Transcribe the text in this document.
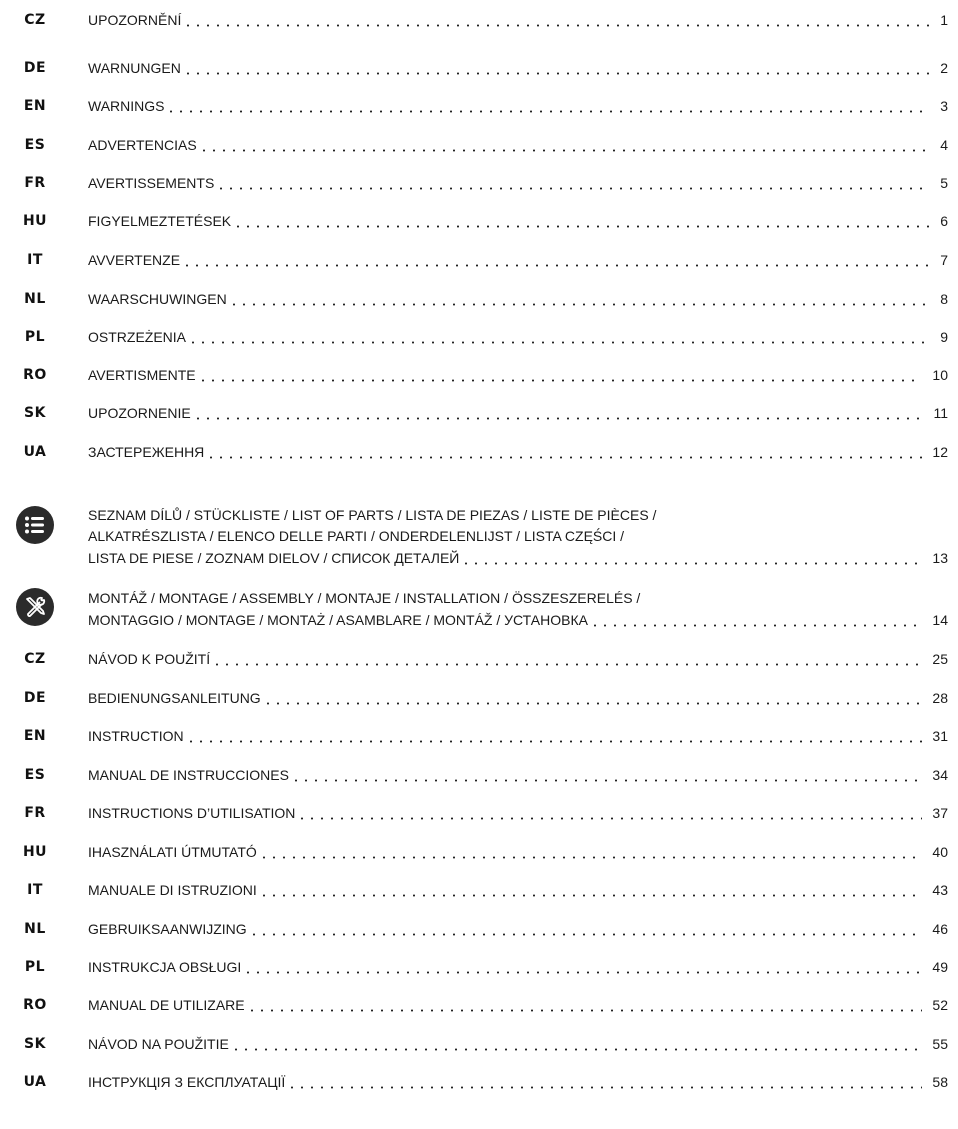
CZ	UPOZORNĚNÍ	1
DE	WARNUNGEN	2
EN	WARNINGS	3
ES	ADVERTENCIAS	4
FR	AVERTISSEMENTS	5
HU	FIGYELMEZTETÉSEK	6
IT	AVVERTENZE	7
NL	WAARSCHUWINGEN	8
PL	OSTRZEŻENIA	9
RO	AVERTISMENTE	10
SK	UPOZORNENIE	11
UA	ЗАСТЕРЕЖЕННЯ	12
SEZNAM DÍLŮ / STÜCKLISTE / LIST OF PARTS / LISTA DE PIEZAS / LISTE DE PIÈCES /
ALKATRÉSZLISTA / ELENCO DELLE PARTI / ONDERDELENLIJST / LISTA CZĘŚCI /
LISTA DE PIESE / ZOZNAM DIELOV / СПИСОК ДЕТАЛЕЙ	13
MONTÁŽ / MONTAGE / ASSEMBLY / MONTAJE / INSTALLATION / ÖSSZESZERELÉS /
MONTAGGIO / MONTAGE / MONTAŻ / ASAMBLARE / MONTÁŽ / УСТАНОВКА	14
CZ	NÁVOD K POUŽITÍ	25
DE	BEDIENUNGSANLEITUNG	28
EN	INSTRUCTION	31
ES	MANUAL DE INSTRUCCIONES	34
FR	INSTRUCTIONS D’UTILISATION	37
HU	IHASZNÁLATI ÚTMUTATÓ	40
IT	MANUALE DI ISTRUZIONI	43
NL	GEBRUIKSAANWIJZING	46
PL	INSTRUKCJA OBSŁUGI	49
RO	MANUAL DE UTILIZARE	52
SK	NÁVOD NA POUŽITIE	55
UA	ІНСТРУКЦІЯ З ЕКСПЛУАТАЦІЇ	58
